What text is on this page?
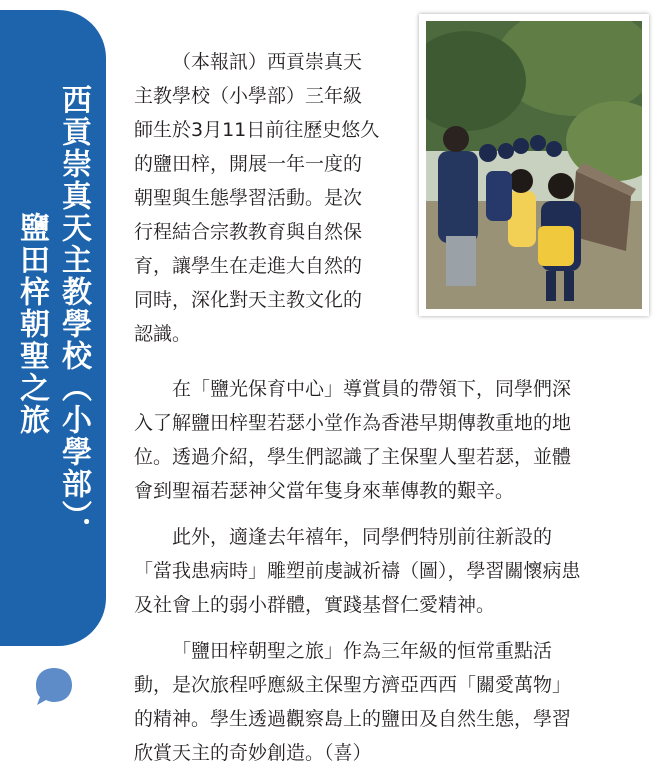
西貢崇真天主教學校（小學部）．
鹽田梓朝聖之旅

（本報訊）西貢崇真天
主教學校（小學部）三年級
師生於3月11日前往歷史悠久
的鹽田梓，開展一年一度的
朝聖與生態學習活動。是次
行程結合宗教教育與自然保
育，讓學生在走進大自然的
同時，深化對天主教文化的
認識。

在「鹽光保育中心」導賞員的帶領下，同學們深
入了解鹽田梓聖若瑟小堂作為香港早期傳教重地的地
位。透過介紹，學生們認識了主保聖人聖若瑟，並體
會到聖福若瑟神父當年隻身來華傳教的艱辛。

此外，適逢去年禧年，同學們特別前往新設的
「當我患病時」雕塑前虔誠祈禱（圖），學習關懷病患
及社會上的弱小群體，實踐基督仁愛精神。

「鹽田梓朝聖之旅」作為三年級的恒常重點活
動，是次旅程呼應級主保聖方濟亞西西「關愛萬物」
的精神。學生透過觀察島上的鹽田及自然生態，學習
欣賞天主的奇妙創造。（喜）
